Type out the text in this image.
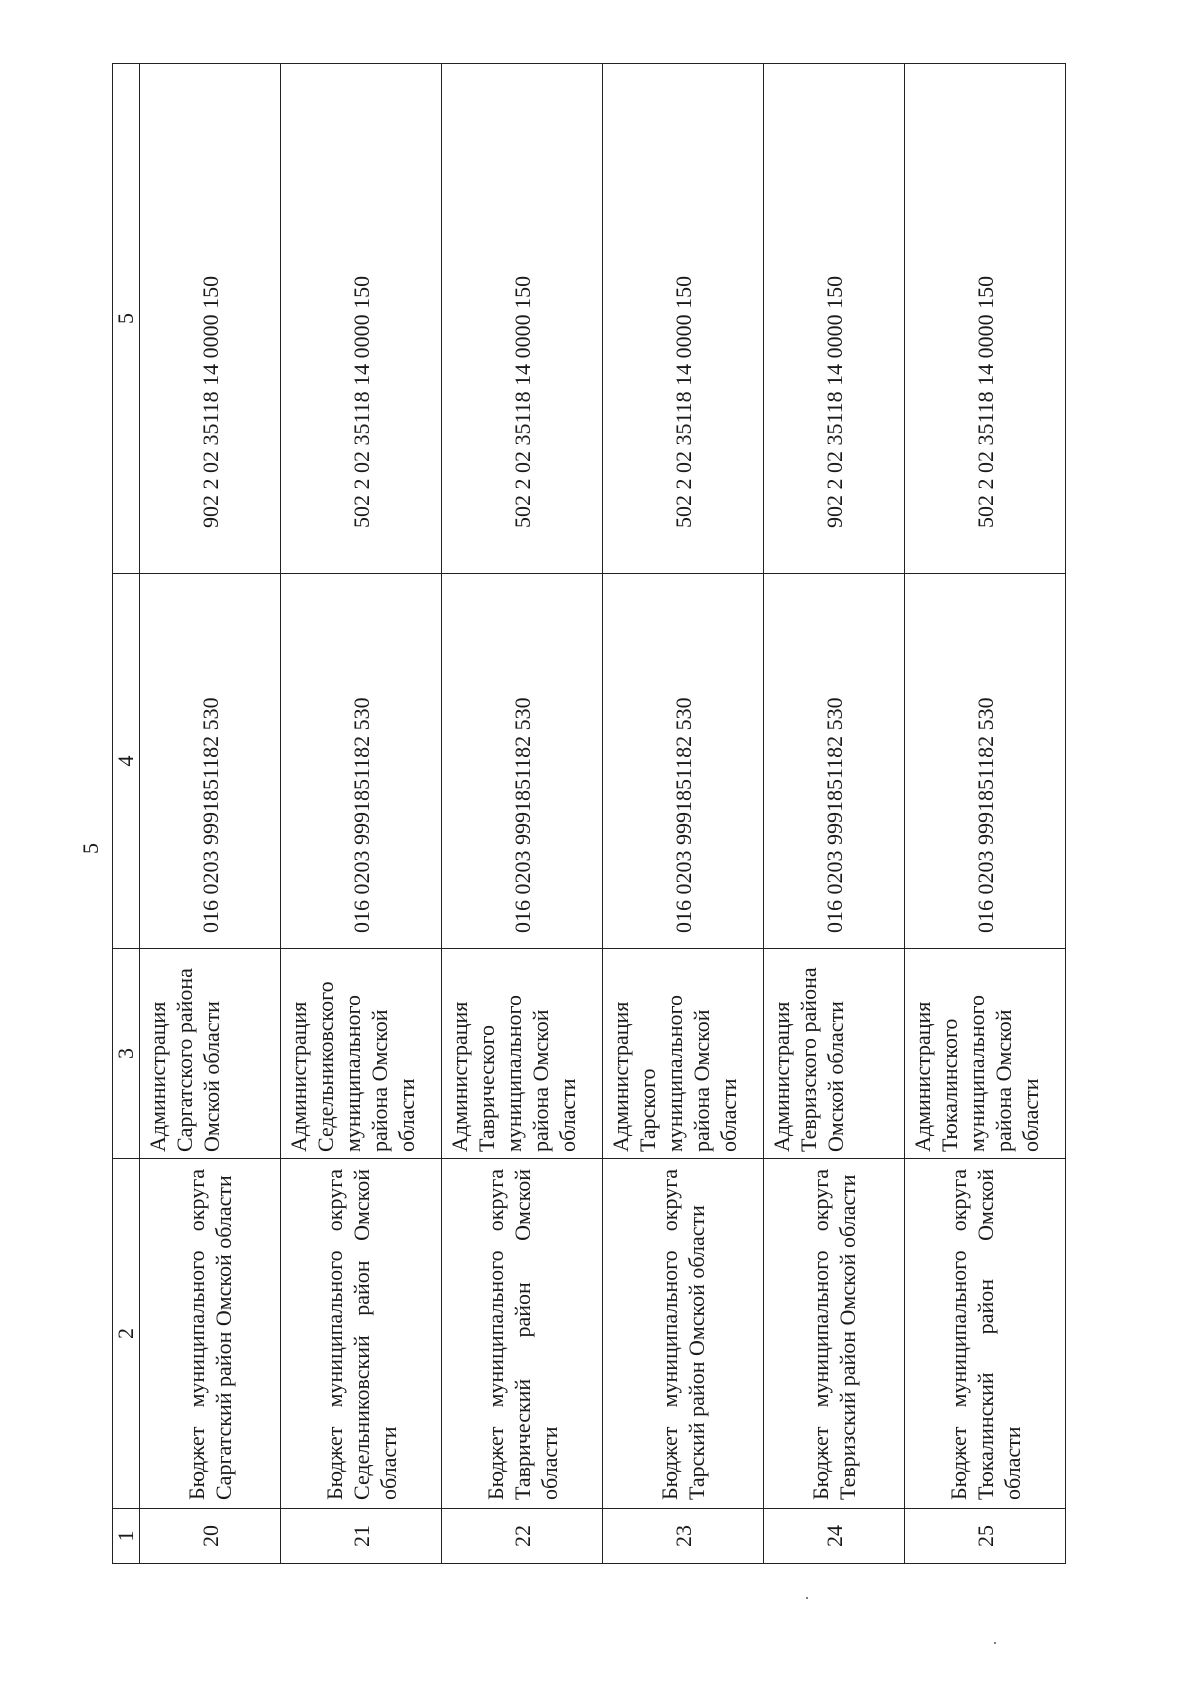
5
1	2	3	4	5
20	Бюджет муниципального округа Саргатский район Омской области	Администрация Саргатского района Омской области	016 0203 9991851182 530	902 2 02 35118 14 0000 150
21	Бюджет муниципального округа Седельниковский район Омской области	Администрация Седельниковского муниципального района Омской области	016 0203 9991851182 530	502 2 02 35118 14 0000 150
22	Бюджет муниципального округа Таврический район Омской области	Администрация Таврического муниципального района Омской области	016 0203 9991851182 530	502 2 02 35118 14 0000 150
23	Бюджет муниципального округа Тарский район Омской области	Администрация Тарского муниципального района Омской области	016 0203 9991851182 530	502 2 02 35118 14 0000 150
24	Бюджет муниципального округа Тевризский район Омской области	Администрация Тевризского района Омской области	016 0203 9991851182 530	902 2 02 35118 14 0000 150
25	Бюджет муниципального округа Тюкалинский район Омской области	Администрация Тюкалинского муниципального района Омской области	016 0203 9991851182 530	502 2 02 35118 14 0000 150
